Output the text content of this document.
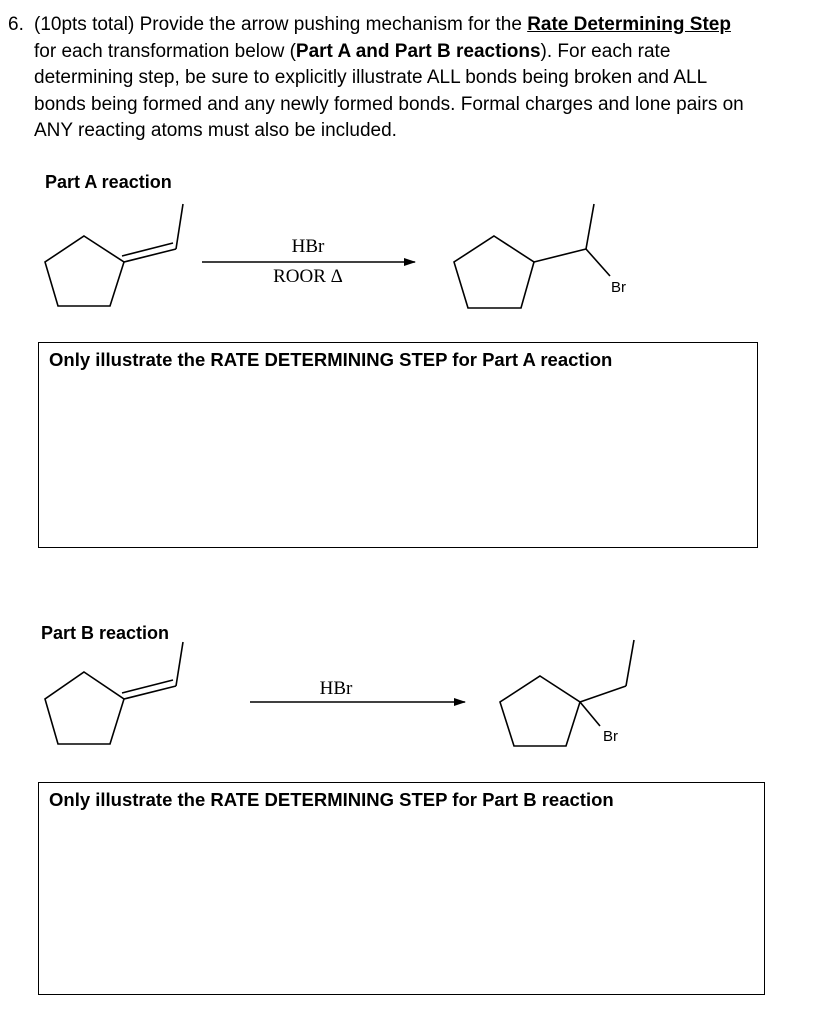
6. (10pts total) Provide the arrow pushing mechanism for the Rate Determining Step
for each transformation below (Part A and Part B reactions). For each rate
determining step, be sure to explicitly illustrate ALL bonds being broken and ALL
bonds being formed and any newly formed bonds. Formal charges and lone pairs on
ANY reacting atoms must also be included.
Part A reaction
HBr
ROOR Δ
Br
HBr
Br
Only illustrate the RATE DETERMINING STEP for Part A reaction
Part B reaction
Only illustrate the RATE DETERMINING STEP for Part B reaction
